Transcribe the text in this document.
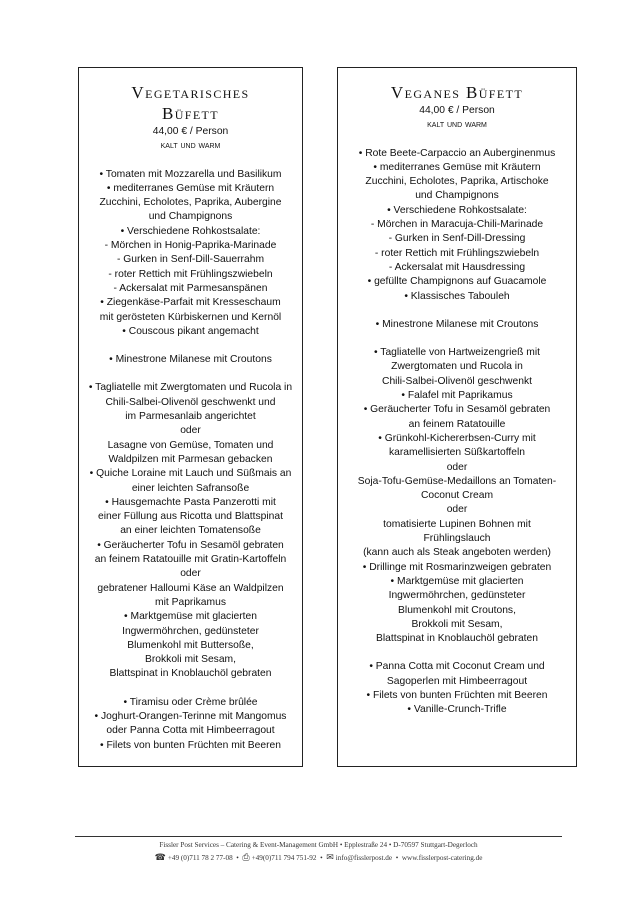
Vegetarisches Büfett
44,00 € / Person
kalt und warm
• Tomaten mit Mozzarella und Basilikum
• mediterranes Gemüse mit Kräutern
Zucchini, Echolotes, Paprika, Aubergine
und Champignons
• Verschiedene Rohkostsalate:
- Mörchen in Honig-Paprika-Marinade
- Gurken in Senf-Dill-Sauerrahm
- roter Rettich mit Frühlingszwiebeln
- Ackersalat mit Parmesanspänen
• Ziegenkäse-Parfait mit Kresseschaum
mit gerösteten Kürbiskernen und Kernöl
• Couscous pikant angemacht
• Minestrone Milanese mit Croutons
• Tagliatelle mit Zwergtomaten und Rucola in
Chili-Salbei-Olivenöl geschwenkt und
im Parmesanlaib angerichtet
oder
Lasagne von Gemüse, Tomaten und
Waldpilzen mit Parmesan gebacken
• Quiche Loraine mit Lauch und Süßmais an
einer leichten Safransoße
• Hausgemachte Pasta Panzerotti mit
einer Füllung aus Ricotta und Blattspinat
an einer leichten Tomatensoße
• Geräucherter Tofu in Sesamöl gebraten
an feinem Ratatouille mit Gratin-Kartoffeln
oder
gebratener Halloumi Käse an Waldpilzen
mit Paprikamus
• Marktgemüse mit glacierten
Ingwermöhrchen, gedünsteter
Blumenkohl mit Buttersoße,
Brokkoli mit Sesam,
Blattspinat in Knoblauchöl gebraten
• Tiramisu oder Crème brûlée
• Joghurt-Orangen-Terinne mit Mangomus
oder Panna Cotta mit Himbeerragout
• Filets von bunten Früchten mit Beeren
Veganes Büfett
44,00 € / Person
kalt und warm
• Rote Beete-Carpaccio an Auberginenmus
• mediterranes Gemüse mit Kräutern
Zucchini, Echolotes, Paprika, Artischoke
und Champignons
• Verschiedene Rohkostsalate:
- Mörchen in Maracuja-Chili-Marinade
- Gurken in Senf-Dill-Dressing
- roter Rettich mit Frühlingszwiebeln
- Ackersalat mit Hausdressing
• gefüllte Champignons auf Guacamole
• Klassisches Tabouleh
• Minestrone Milanese mit Croutons
• Tagliatelle von Hartweizengrieß mit
Zwergtomaten und Rucola in
Chili-Salbei-Olivenöl geschwenkt
• Falafel mit Paprikamus
• Geräucherter Tofu in Sesamöl gebraten
an feinem Ratatouille
• Grünkohl-Kichererbsen-Curry mit
karamellisierten Süßkartoffeln
oder
Soja-Tofu-Gemüse-Medaillons an Tomaten-
Coconut Cream
oder
tomatisierte Lupinen Bohnen mit
Frühlingslauch
(kann auch als Steak angeboten werden)
• Drillinge mit Rosmarinzweigen gebraten
• Marktgemüse mit glacierten
Ingwermöhrchen, gedünsteter
Blumenkohl mit Croutons,
Brokkoli mit Sesam,
Blattspinat in Knoblauchöl gebraten
• Panna Cotta mit Coconut Cream und
Sagoperlen mit Himbeerragout
• Filets von bunten Früchten mit Beeren
• Vanille-Crunch-Trifle
Fissler Post Services – Catering & Event-Management GmbH • Epplestraße 24 • D-70597 Stuttgart-Degerloch
☎ +49 (0)711 78 2 77-08  •  ⎙ +49(0)711 794 751-92  •  ✉ info@fisslerpost.de  •  www.fisslerpost-catering.de
